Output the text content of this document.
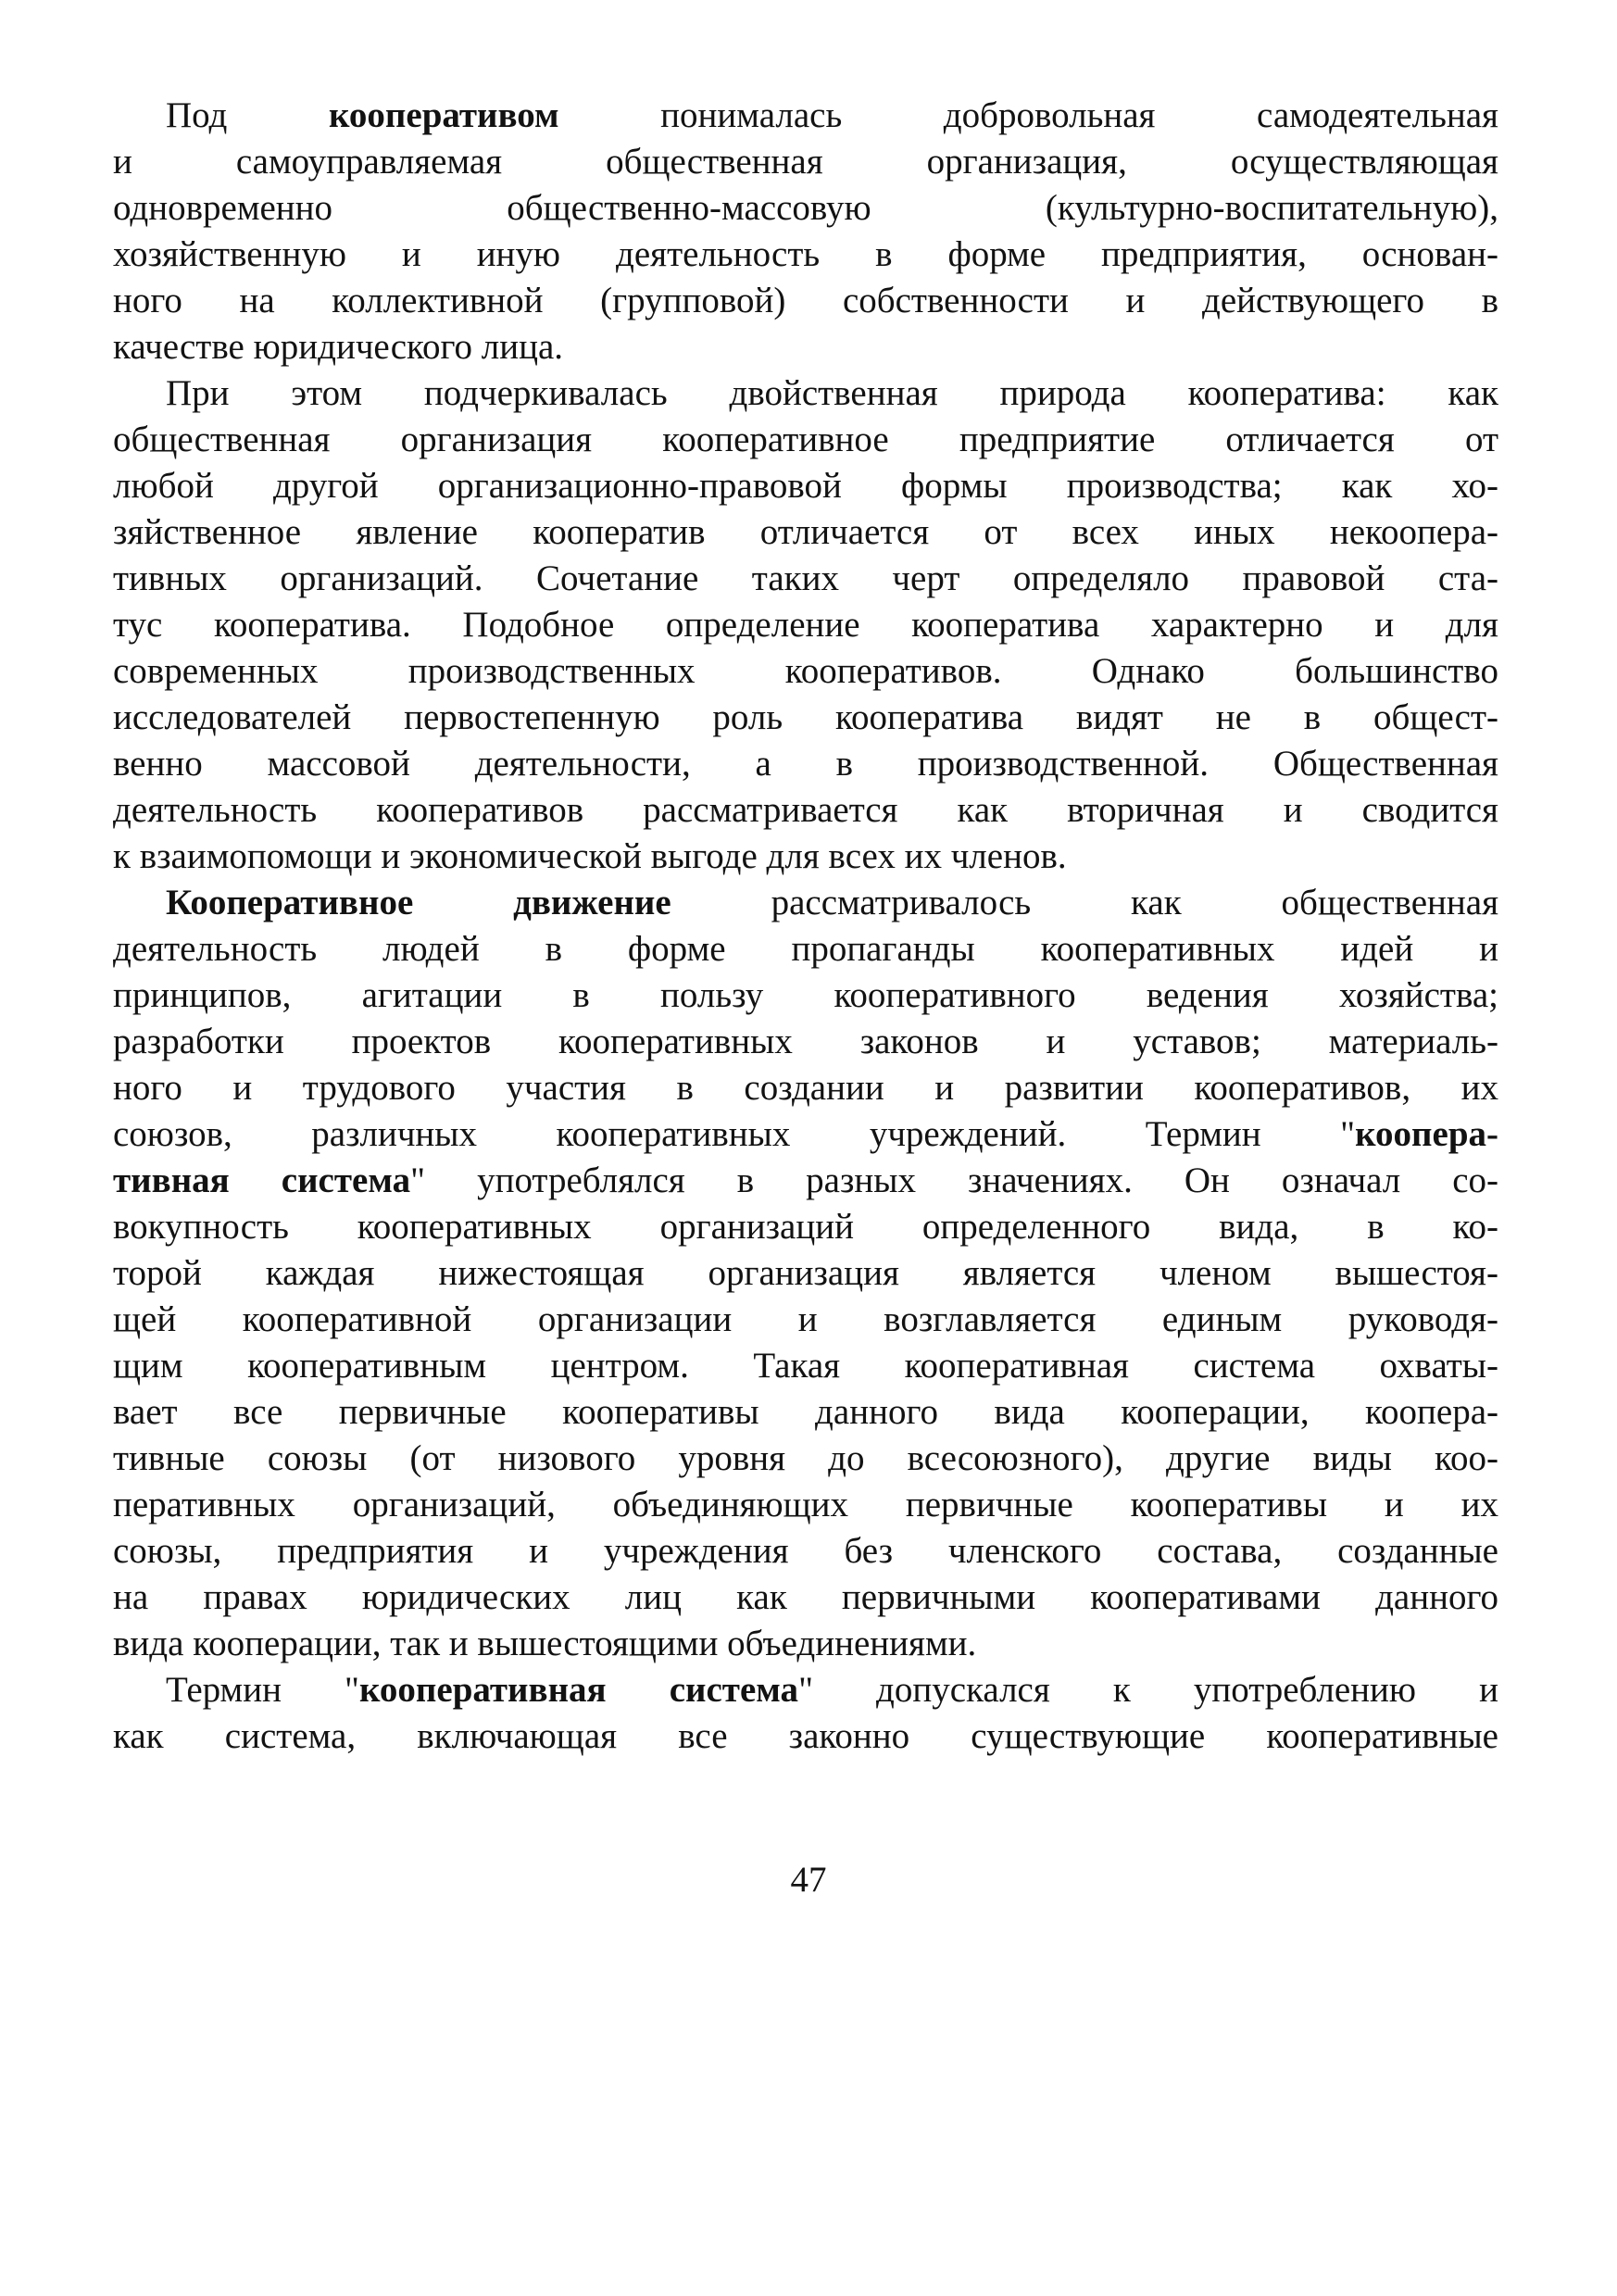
Под кооперативом понималась добровольная самодеятельная
и самоуправляемая общественная организация, осуществляющая
одновременно общественно-массовую (культурно-воспитательную),
хозяйственную и иную деятельность в форме предприятия, основан-
ного на коллективной (групповой) собственности и действующего в
качестве юридического лица.
При этом подчеркивалась двойственная природа кооператива: как
общественная организация кооперативное предприятие отличается от
любой другой организационно-правовой формы производства; как хо-
зяйственное явление кооператив отличается от всех иных некоопера-
тивных организаций. Сочетание таких черт определяло правовой ста-
тус кооператива. Подобное определение кооператива характерно и для
современных производственных кооперативов. Однако большинство
исследователей первостепенную роль кооператива видят не в общест-
венно массовой деятельности, а в производственной. Общественная
деятельность кооперативов рассматривается как вторичная и сводится
к взаимопомощи и экономической выгоде для всех их членов.
Кооперативное движение рассматривалось как общественная
деятельность людей в форме пропаганды кооперативных идей и
принципов, агитации в пользу кооперативного ведения хозяйства;
разработки проектов кооперативных законов и уставов; материаль-
ного и трудового участия в создании и развитии кооперативов, их
союзов, различных кооперативных учреждений. Термин "коопера-
тивная система" употреблялся в разных значениях. Он означал со-
вокупность кооперативных организаций определенного вида, в ко-
торой каждая нижестоящая организация является членом вышестоя-
щей кооперативной организации и возглавляется единым руководя-
щим кооперативным центром. Такая кооперативная система охваты-
вает все первичные кооперативы данного вида кооперации, коопера-
тивные союзы (от низового уровня до всесоюзного), другие виды коо-
перативных организаций, объединяющих первичные кооперативы и их
союзы, предприятия и учреждения без членского состава, созданные
на правах юридических лиц как первичными кооперативами данного
вида кооперации, так и вышестоящими объединениями.
Термин "кооперативная система" допускался к употреблению и
как система, включающая все законно существующие кооперативные
47
